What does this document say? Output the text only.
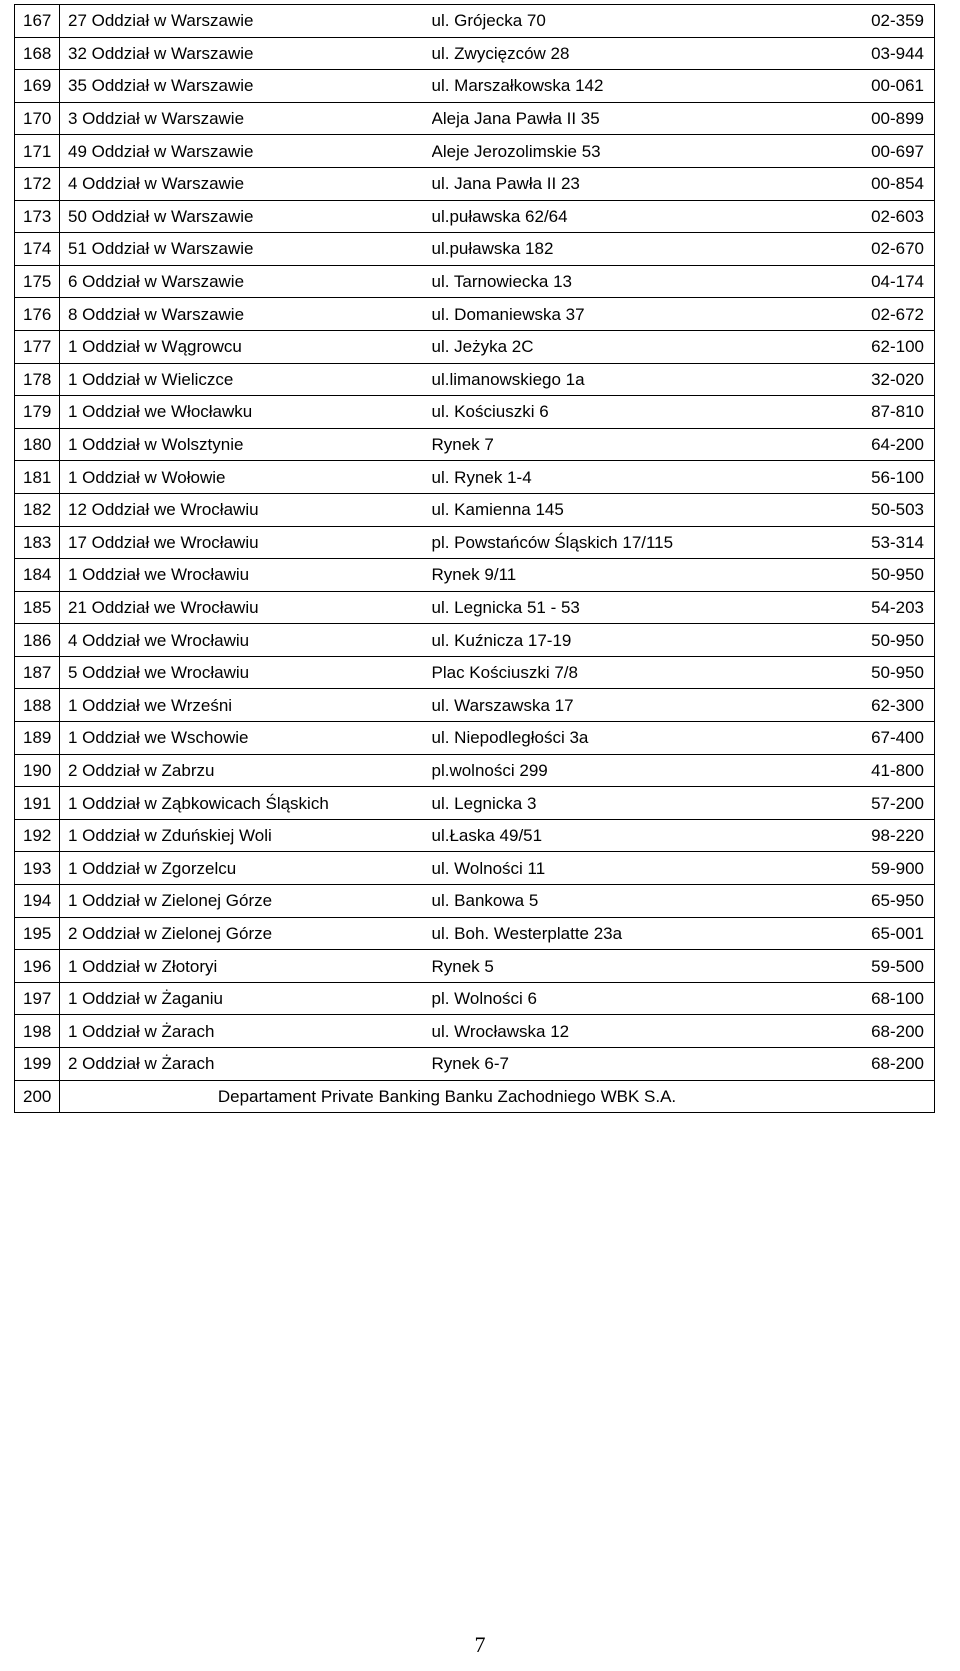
167	27 Oddział w Warszawie	ul. Grójecka 70	02-359
168	32 Oddział w Warszawie	ul. Zwycięzców 28	03-944
169	35 Oddział w Warszawie	ul. Marszałkowska 142	00-061
170	3 Oddział w Warszawie	Aleja Jana Pawła II 35	00-899
171	49 Oddział w Warszawie	Aleje Jerozolimskie 53	00-697
172	4 Oddział w Warszawie	ul. Jana Pawła II 23	00-854
173	50 Oddział w Warszawie	ul.puławska 62/64	02-603
174	51 Oddział w Warszawie	ul.puławska 182	02-670
175	6 Oddział w Warszawie	ul. Tarnowiecka 13	04-174
176	8 Oddział w Warszawie	ul. Domaniewska 37	02-672
177	1 Oddział w Wągrowcu	ul. Jeżyka 2C	62-100
178	1 Oddział w Wieliczce	ul.limanowskiego 1a	32-020
179	1 Oddział we Włocławku	ul. Kościuszki 6	87-810
180	1 Oddział w Wolsztynie	Rynek 7	64-200
181	1 Oddział w Wołowie	ul. Rynek 1-4	56-100
182	12 Oddział we Wrocławiu	ul. Kamienna 145	50-503
183	17 Oddział we Wrocławiu	pl. Powstańców Śląskich 17/115	53-314
184	1 Oddział we Wrocławiu	Rynek 9/11	50-950
185	21 Oddział we Wrocławiu	ul. Legnicka 51 - 53	54-203
186	4 Oddział we Wrocławiu	ul. Kuźnicza 17-19	50-950
187	5 Oddział we Wrocławiu	Plac Kościuszki 7/8	50-950
188	1 Oddział we Wrześni	ul. Warszawska 17	62-300
189	1 Oddział we Wschowie	ul. Niepodległości 3a	67-400
190	2 Oddział w Zabrzu	pl.wolności 299	41-800
191	1 Oddział w Ząbkowicach Śląskich	ul. Legnicka 3	57-200
192	1 Oddział w Zduńskiej Woli	ul.Łaska 49/51	98-220
193	1 Oddział w Zgorzelcu	ul. Wolności 11	59-900
194	1 Oddział w Zielonej Górze	ul. Bankowa 5	65-950
195	2 Oddział w Zielonej Górze	ul. Boh. Westerplatte 23a	65-001
196	1 Oddział w Złotoryi	Rynek 5	59-500
197	1 Oddział w Żaganiu	pl. Wolności 6	68-100
198	1 Oddział w Żarach	ul. Wrocławska 12	68-200
199	2 Oddział w Żarach	Rynek 6-7	68-200
200	Departament Private Banking Banku Zachodniego WBK S.A.		
7
